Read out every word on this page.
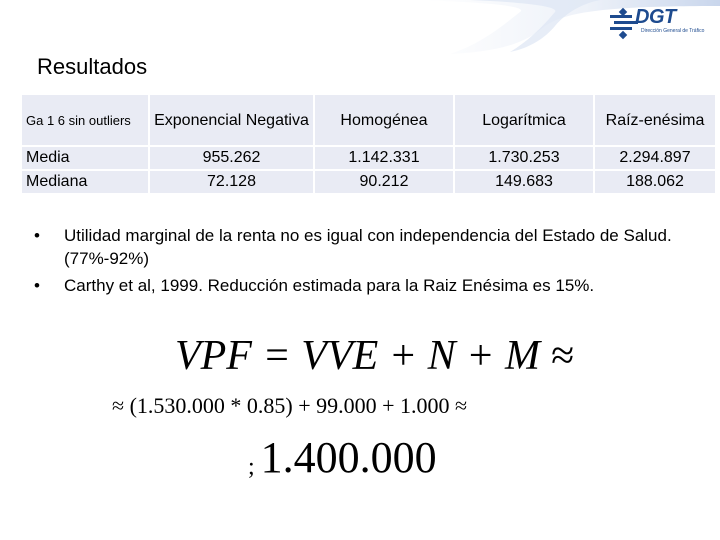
DGT
Dirección General de Tráfico
Resultados
Ga 1 6 sin outliers	Exponencial Negativa	Homogénea	Logarítmica	Raíz-enésima
Media	955.262	1.142.331	1.730.253	2.294.897
Mediana	72.128	90.212	149.683	188.062
• Utilidad marginal de la renta no es igual con independencia del Estado de Salud. (77%-92%)
• Carthy et al, 1999. Reducción estimada para la Raiz Enésima es 15%.
VPF = VVE + N + M ≈
≈ (1.530.000 * 0.85) + 99.000 + 1.000 ≈
; 1.400.000
